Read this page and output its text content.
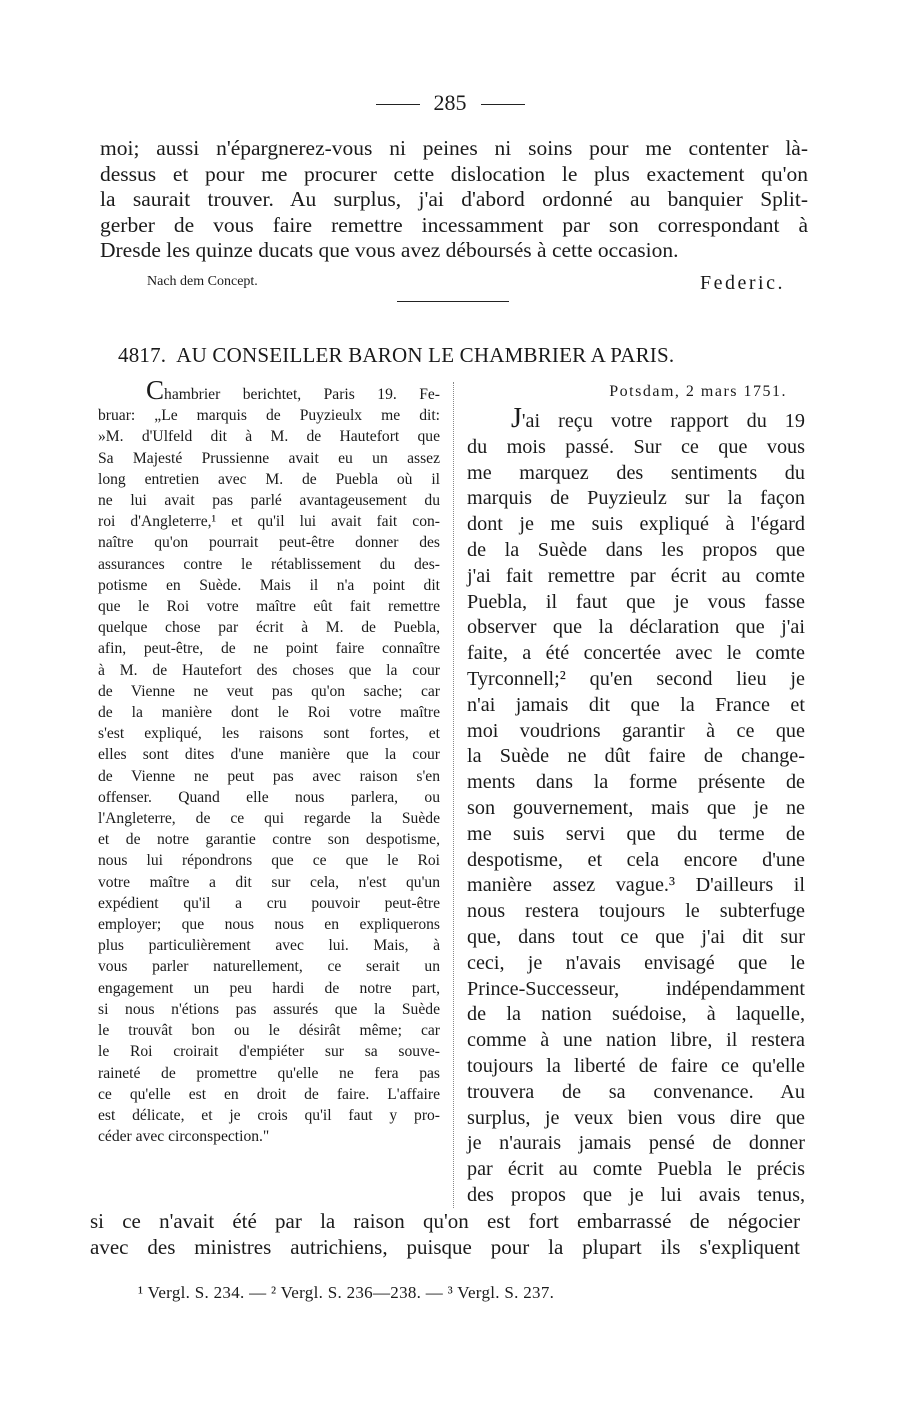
285
moi; aussi n'épargnerez-vous ni peines ni soins pour me contenter là-
dessus et pour me procurer cette dislocation le plus exactement qu'on
la saurait trouver. Au surplus, j'ai d'abord ordonné au banquier Split-
gerber de vous faire remettre incessamment par son correspondant à
Dresde les quinze ducats que vous avez déboursés à cette occasion.
Nach dem Concept.	Federic.
4817. AU CONSEILLER BARON LE CHAMBRIER A PARIS.
Chambrier berichtet, Paris 19. Fe-
bruar: „Le marquis de Puyzieulx me dit:
»M. d'Ulfeld dit à M. de Hautefort que
Sa Majesté Prussienne avait eu un assez
long entretien avec M. de Puebla où il
ne lui avait pas parlé avantageusement du
roi d'Angleterre,¹ et qu'il lui avait fait con-
naître qu'on pourrait peut-être donner des
assurances contre le rétablissement du des-
potisme en Suède. Mais il n'a point dit
que le Roi votre maître eût fait remettre
quelque chose par écrit à M. de Puebla,
afin, peut-être, de ne point faire connaître
à M. de Hautefort des choses que la cour
de Vienne ne veut pas qu'on sache; car
de la manière dont le Roi votre maître
s'est expliqué, les raisons sont fortes, et
elles sont dites d'une manière que la cour
de Vienne ne peut pas avec raison s'en
offenser. Quand elle nous parlera, ou
l'Angleterre, de ce qui regarde la Suède
et de notre garantie contre son despotisme,
nous lui répondrons que ce que le Roi
votre maître a dit sur cela, n'est qu'un
expédient qu'il a cru pouvoir peut-être
employer; que nous nous en expliquerons
plus particulièrement avec lui. Mais, à
vous parler naturellement, ce serait un
engagement un peu hardi de notre part,
si nous n'étions pas assurés que la Suède
le trouvât bon ou le désirât même; car
le Roi croirait d'empiéter sur sa souve-
raineté de promettre qu'elle ne fera pas
ce qu'elle est en droit de faire. L'affaire
est délicate, et je crois qu'il faut y pro-
céder avec circonspection."
Potsdam, 2 mars 1751.
J'ai reçu votre rapport du 19
du mois passé. Sur ce que vous
me marquez des sentiments du
marquis de Puyzieulz sur la façon
dont je me suis expliqué à l'égard
de la Suède dans les propos que
j'ai fait remettre par écrit au comte
Puebla, il faut que je vous fasse
observer que la déclaration que j'ai
faite, a été concertée avec le comte
Tyrconnell;² qu'en second lieu je
n'ai jamais dit que la France et
moi voudrions garantir à ce que
la Suède ne dût faire de change-
ments dans la forme présente de
son gouvernement, mais que je ne
me suis servi que du terme de
despotisme, et cela encore d'une
manière assez vague.³ D'ailleurs il
nous restera toujours le subterfuge
que, dans tout ce que j'ai dit sur
ceci, je n'avais envisagé que le
Prince-Successeur, indépendamment
de la nation suédoise, à laquelle,
comme à une nation libre, il restera
toujours la liberté de faire ce qu'elle
trouvera de sa convenance. Au
surplus, je veux bien vous dire que
je n'aurais jamais pensé de donner
par écrit au comte Puebla le précis
des propos que je lui avais tenus,
si ce n'avait été par la raison qu'on est fort embarrassé de négocier
avec des ministres autrichiens, puisque pour la plupart ils s'expliquent
¹ Vergl. S. 234. — ² Vergl. S. 236—238. — ³ Vergl. S. 237.
